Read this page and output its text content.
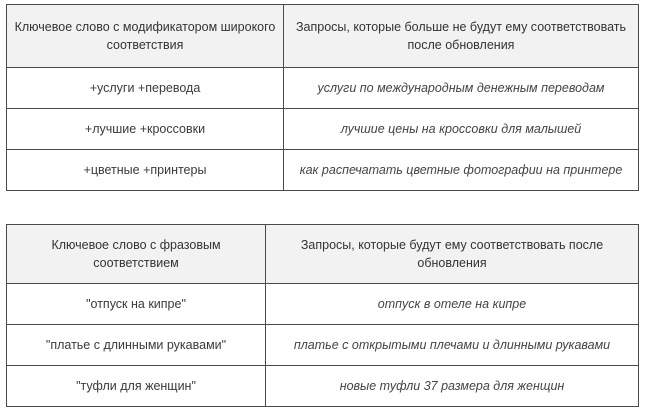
Ключевое слово с модификатором широкого соответствия	Запросы, которые больше не будут ему соответствовать после обновления
+услуги +перевода	услуги по международным денежным переводам
+лучшие +кроссовки	лучшие цены на кроссовки для малышей
+цветные +принтеры	как распечатать цветные фотографии на принтере
Ключевое слово с фразовым соответствием	Запросы, которые будут ему соответствовать после обновления
"отпуск на кипре"	отпуск в отеле на кипре
"платье с длинными рукавами"	платье с открытыми плечами и длинными рукавами
"туфли для женщин"	новые туфли 37 размера для женщин
